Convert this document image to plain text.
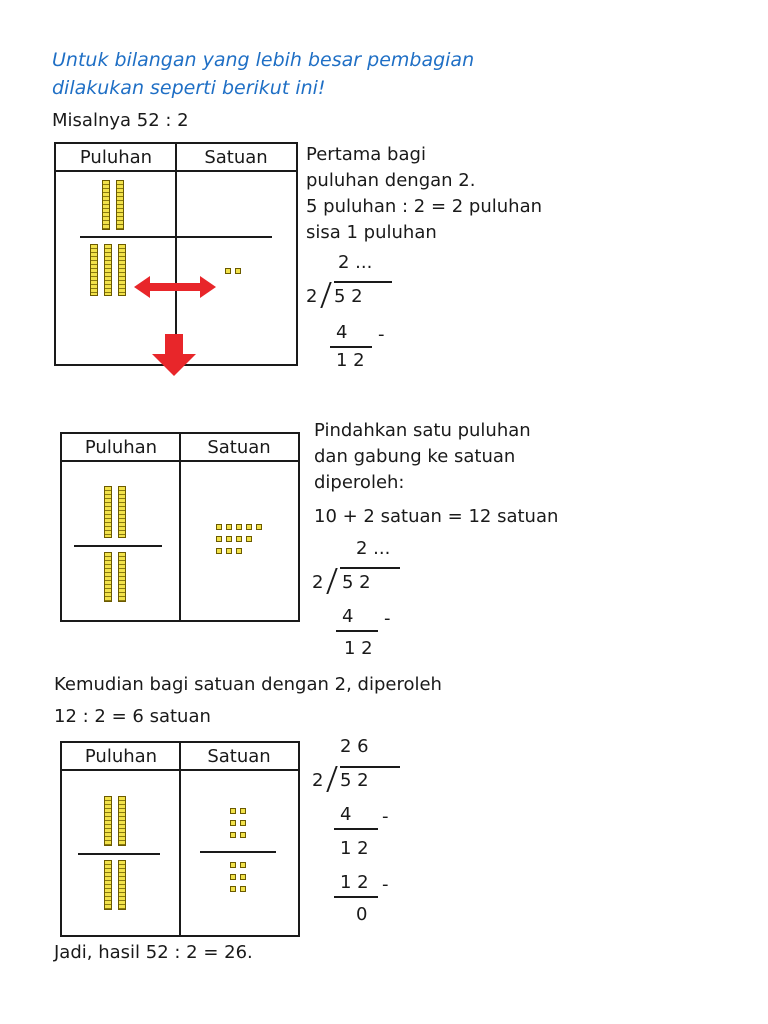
Untuk bilangan yang lebih besar pembagian
dilakukan seperti berikut ini!
Misalnya 52 : 2
Puluhan	Satuan	Pertama bagi
puluhan dengan 2.
5 puluhan : 2 = 2 puluhan
sisa 1 puluhan
2 ...
2 5 2
4 -
1 2
Puluhan	Satuan
Pindahkan satu puluhan
dan gabung ke satuan
diperoleh:
10 + 2 satuan = 12 satuan
2 ...
2 5 2
4 -
1 2
Kemudian bagi satuan dengan 2, diperoleh
12 : 2 = 6 satuan
Puluhan	Satuan	2 6
2 5 2
4 -
1 2
1 2 -
0
Jadi, hasil 52 : 2 = 26.
